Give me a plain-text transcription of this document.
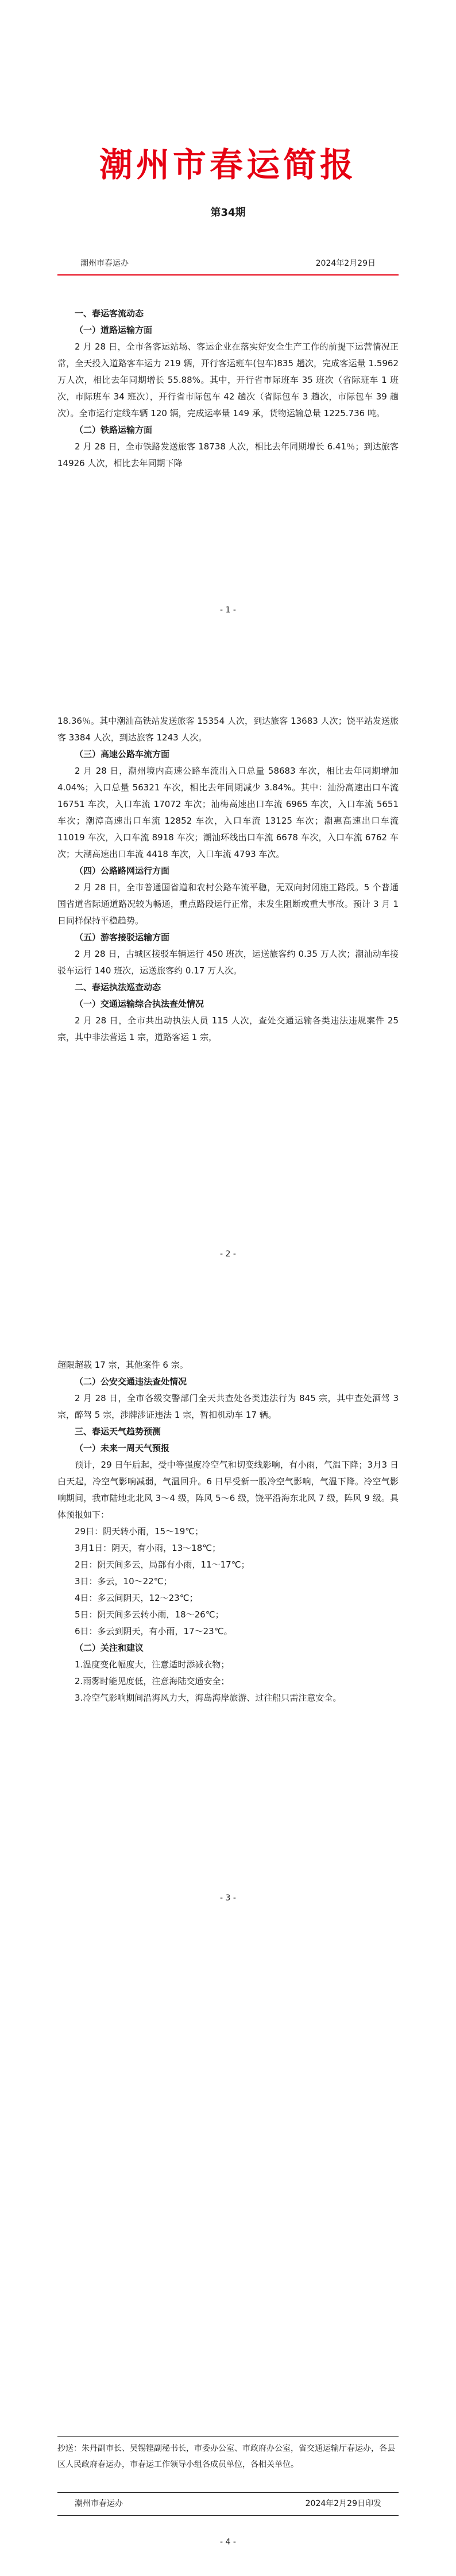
潮州市春运简报
第34期
潮州市春运办	2024年2月29日

一、春运客流动态

（一）道路运输方面

2 月 28 日，全市各客运站场、客运企业在落实好安全生产工作的前提下运营情况正常，全天投入道路客车运力 219 辆，开行客运班车(包车)835 趟次，完成客运量 1.5962 万人次，相比去年同期增长 55.88%。其中，开行省市际班车 35 班次（省际班车 1 班次，市际班车 34 班次），开行省市际包车 42 趟次（省际包车 3 趟次，市际包车 39 趟次）。全市运行定线车辆 120 辆，完成运率量 149 承，货物运输总量 1225.736 吨。

（二）铁路运输方面

2 月 28 日，全市铁路发送旅客 18738 人次，相比去年同期增长 6.41％；到达旅客 14926 人次，相比去年同期下降

- 1 -

18.36％。其中潮汕高铁站发送旅客 15354 人次，到达旅客 13683 人次；饶平站发送旅客 3384 人次，到达旅客 1243 人次。

（三）高速公路车流方面

2 月 28 日，潮州境内高速公路车流出入口总量 58683 车次，相比去年同期增加 4.04%；入口总量 56321 车次，相比去年同期减少 3.84%。其中：汕汾高速出口车流 16751 车次，入口车流 17072 车次；汕梅高速出口车流 6965 车次，入口车流 5651 车次；潮漳高速出口车流 12852 车次，入口车流 13125 车次；潮惠高速出口车流 11019 车次，入口车流 8918 车次；潮汕环线出口车流 6678 车次，入口车流 6762 车次；大潮高速出口车流 4418 车次，入口车流 4793 车次。

（四）公路路网运行方面

2 月 28 日，全市普通国省道和农村公路车流平稳，无双向封闭施工路段。5 个普通国省道省际通道路况较为畅通，重点路段运行正常，未发生阻断或重大事故。预计 3 月 1 日同样保持平稳趋势。

（五）游客接驳运输方面

2 月 28 日，古城区接驳车辆运行 450 班次，运送旅客约 0.35 万人次；潮汕动车接驳车运行 140 班次，运送旅客约 0.17 万人次。

二、春运执法巡查动态

（一）交通运输综合执法查处情况

2 月 28 日，全市共出动执法人员 115 人次，查处交通运输各类违法违规案件 25 宗，其中非法营运 1 宗，道路客运 1 宗，

- 2 -

超限超载 17 宗，其他案件 6 宗。

（二）公安交通违法查处情况

2 月 28 日，全市各级交警部门全天共查处各类违法行为 845 宗，其中查处酒驾 3 宗，醉驾 5 宗，涉牌涉证违法 1 宗，暂扣机动车 17 辆。

三、春运天气趋势预测

（一）未来一周天气预报

预计，29 日午后起，受中等强度冷空气和切变线影响，有小雨，气温下降；3月3 日白天起，冷空气影响减弱，气温回升。6 日早受新一股冷空气影响，气温下降。冷空气影响期间，我市陆地北北风 3～4 级，阵风 5～6 级，饶平沿海东北风 7 级，阵风 9 级。具体预报如下：

29日：阴天转小雨，15～19℃；

3月1日：阴天，有小雨，13～18℃；

2日：阴天间多云，局部有小雨，11～17℃；

3日：多云，10～22℃；

4日：多云间阴天，12～23℃；

5日：阴天间多云转小雨，18～26℃；

6日：多云到阴天，有小雨，17～23℃。

（二）关注和建议

1.温度变化幅度大，注意适时添减衣物；

2.雨雾时能见度低，注意海陆交通安全；

3.冷空气影响期间沿海风力大，海岛海岸旅游、过往船只需注意安全。

- 3 -
抄送：朱丹副市长、吴锡铿副秘书长，市委办公室、市政府办公室，省交通运输厅春运办，各县区人民政府春运办，市春运工作领导小组各成员单位，各相关单位。
潮州市春运办	2024年2月29日印发
- 4 -
